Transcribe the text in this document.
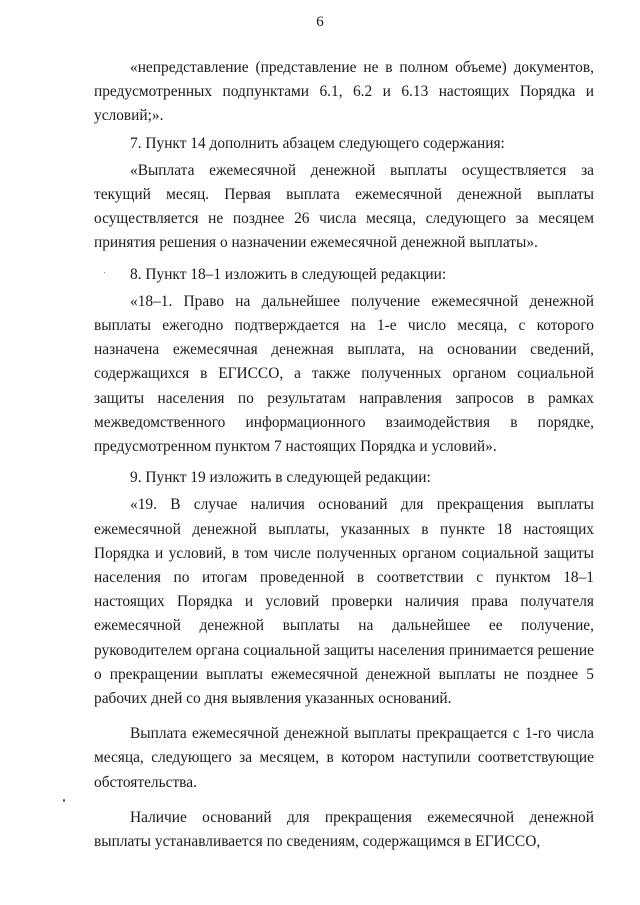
6

«непредставление (представление не в полном объеме) документов, предусмотренных подпунктами 6.1, 6.2 и 6.13 настоящих Порядка и условий;».

7. Пункт 14 дополнить абзацем следующего содержания:

«Выплата ежемесячной денежной выплаты осуществляется за текущий месяц. Первая выплата ежемесячной денежной выплаты осуществляется не позднее 26 числа месяца, следующего за месяцем принятия решения о назначении ежемесячной денежной выплаты».

8. Пункт 18–1 изложить в следующей редакции:

«18–1. Право на дальнейшее получение ежемесячной денежной выплаты ежегодно подтверждается на 1-е число месяца, с которого назначена ежемесячная денежная выплата, на основании сведений, содержащихся в ЕГИССО, а также полученных органом социальной защиты населения по результатам направления запросов в рамках межведомственного информационного взаимодействия в порядке, предусмотренном пунктом 7 настоящих Порядка и условий».

9. Пункт 19 изложить в следующей редакции:

«19. В случае наличия оснований для прекращения выплаты ежемесячной денежной выплаты, указанных в пункте 18 настоящих Порядка и условий, в том числе полученных органом социальной защиты населения по итогам проведенной в соответствии с пунктом 18–1 настоящих Порядка и условий проверки наличия права получателя ежемесячной денежной выплаты на дальнейшее ее получение, руководителем органа социальной защиты населения принимается решение о прекращении выплаты ежемесячной денежной выплаты не позднее 5 рабочих дней со дня выявления указанных оснований.

Выплата ежемесячной денежной выплаты прекращается с 1-го числа месяца, следующего за месяцем, в котором наступили соответствующие обстоятельства.

Наличие оснований для прекращения ежемесячной денежной выплаты устанавливается по сведениям, содержащимся в ЕГИССО,
